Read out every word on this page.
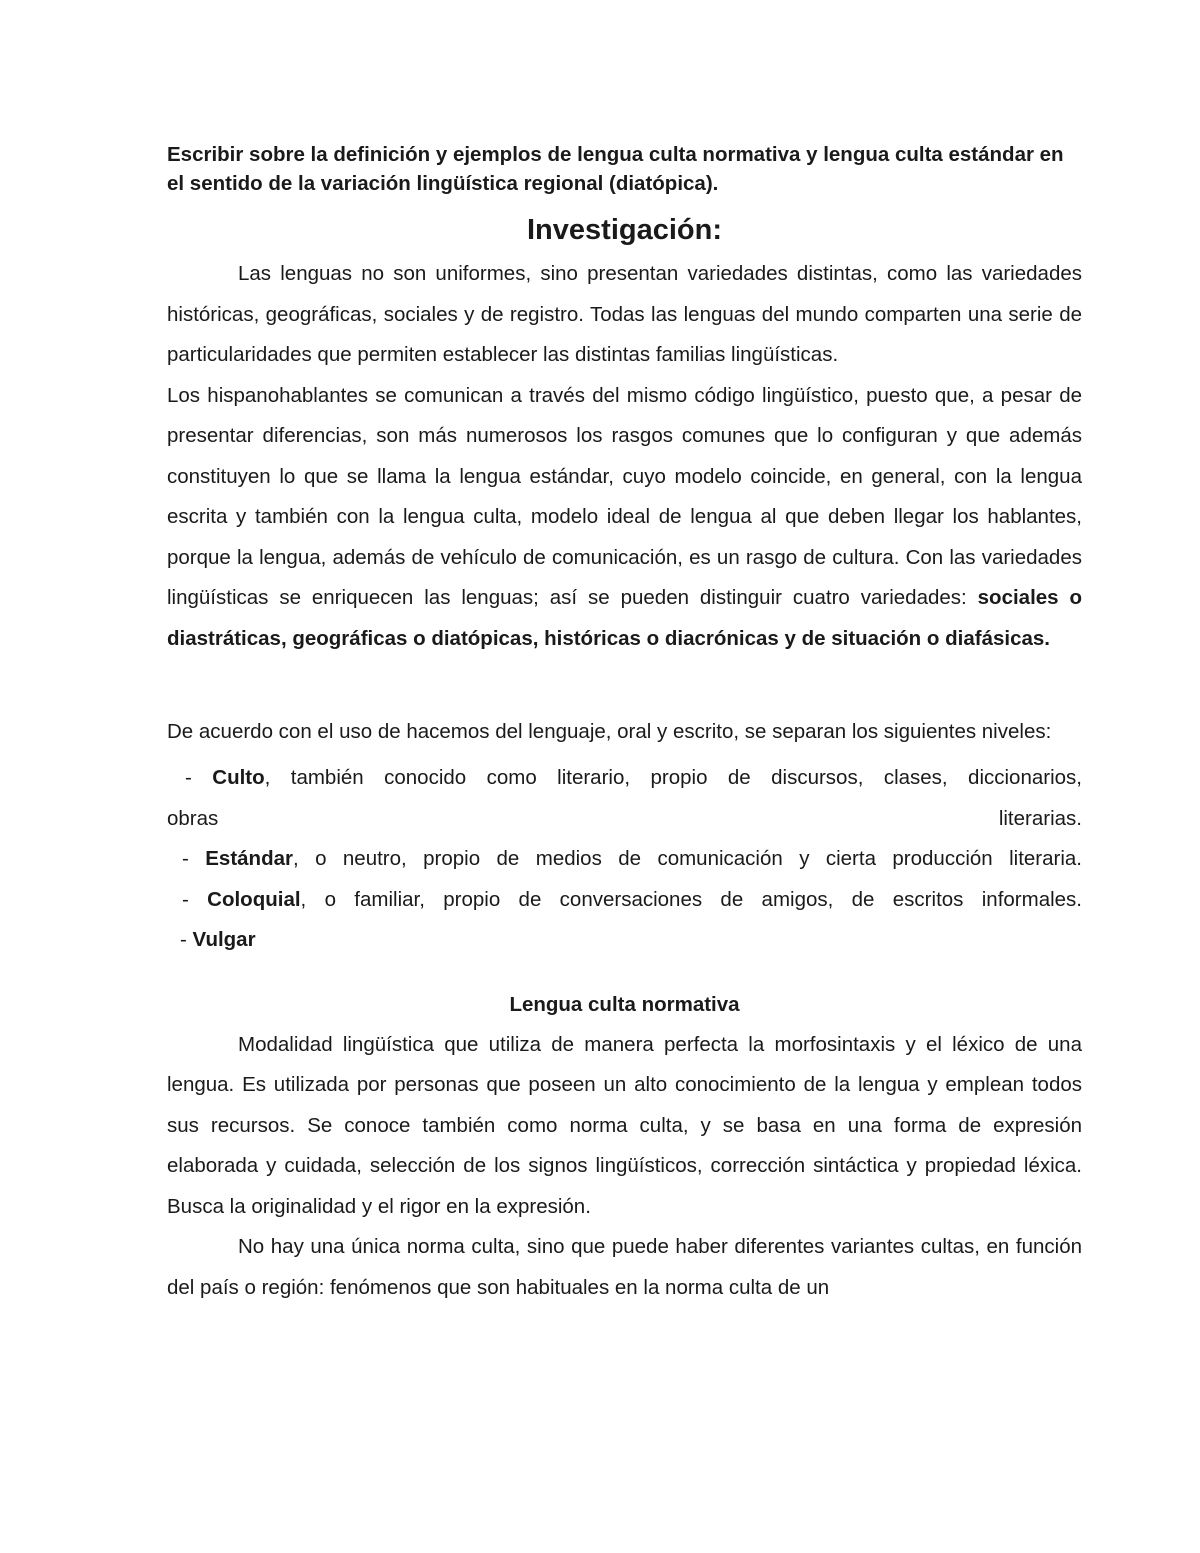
Escribir sobre la definición y ejemplos de lengua culta normativa y lengua culta estándar en el sentido de la variación lingüística regional (diatópica).

Investigación:

Las lenguas no son uniformes, sino presentan variedades distintas, como las variedades históricas, geográficas, sociales y de registro. Todas las lenguas del mundo comparten una serie de particularidades que permiten establecer las distintas familias lingüísticas.

Los hispanohablantes se comunican a través del mismo código lingüístico, puesto que, a pesar de presentar diferencias, son más numerosos los rasgos comunes que lo configuran y que además constituyen lo que se llama la lengua estándar, cuyo modelo coincide, en general, con la lengua escrita y también con la lengua culta, modelo ideal de lengua al que deben llegar los hablantes, porque la lengua, además de vehículo de comunicación, es un rasgo de cultura. Con las variedades lingüísticas se enriquecen las lenguas; así se pueden distinguir cuatro variedades: sociales o diastráticas, geográficas o diatópicas, históricas o diacrónicas y de situación o diafásicas.

De acuerdo con el uso de hacemos del lenguaje, oral y escrito, se separan los siguientes niveles:

- Culto, también conocido como literario, propio de discursos, clases, diccionarios,
obras	literarias.
- Estándar, o neutro, propio de medios de comunicación y cierta producción literaria.
- Coloquial, o familiar, propio de conversaciones de amigos, de escritos informales.
- Vulgar
Lengua culta normativa

Modalidad lingüística que utiliza de manera perfecta la morfosintaxis y el léxico de una lengua. Es utilizada por personas que poseen un alto conocimiento de la lengua y emplean todos sus recursos. Se conoce también como norma culta, y se basa en una forma de expresión elaborada y cuidada, selección de los signos lingüísticos, corrección sintáctica y propiedad léxica. Busca la originalidad y el rigor en la expresión.

No hay una única norma culta, sino que puede haber diferentes variantes cultas, en función del país o región: fenómenos que son habituales en la norma culta de un
